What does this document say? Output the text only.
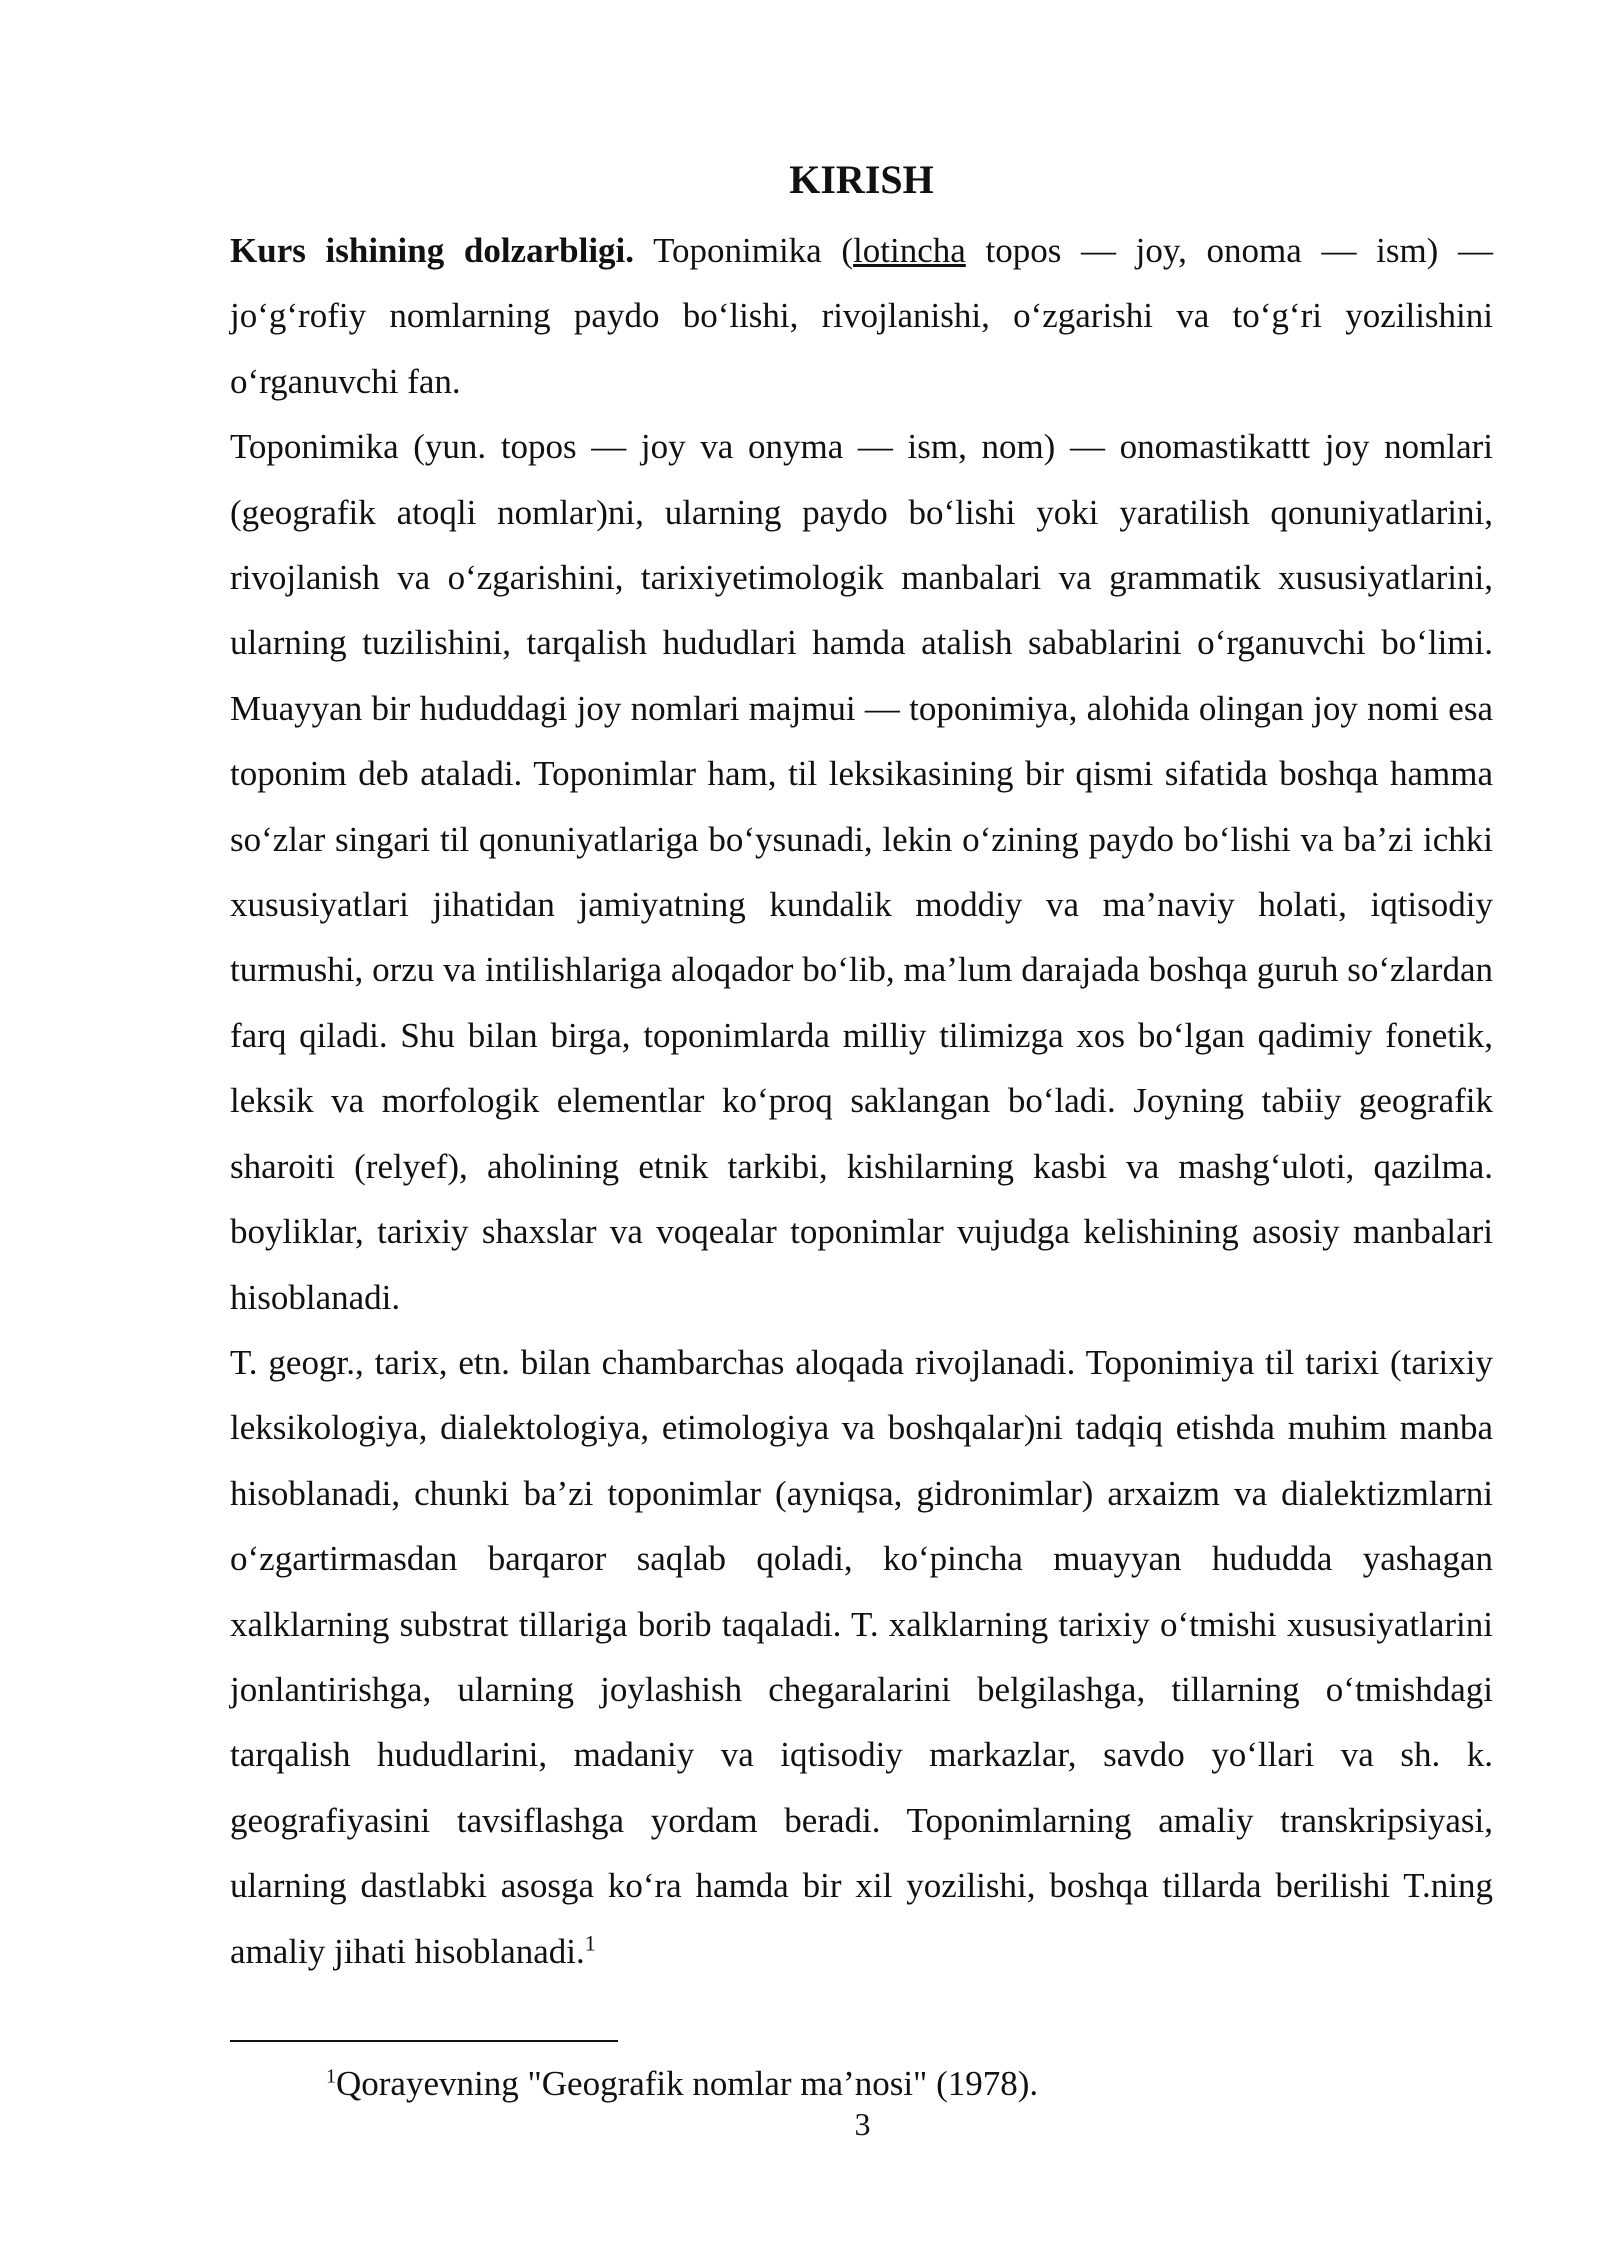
KIRISH

Kurs ishining dolzarbligi. Toponimika (lotincha topos — joy, onoma — ism) — jo‘g‘rofiy nomlarning paydo bo‘lishi, rivojlanishi, o‘zgarishi va to‘g‘ri yozilishini o‘rganuvchi fan.

Toponimika (yun. topos — joy va onyma — ism, nom) — onomastikattt joy nomlari (geografik atoqli nomlar)ni, ularning paydo bo‘lishi yoki yaratilish qonuniyatlarini, rivojlanish va o‘zgarishini, tarixiyetimologik manbalari va grammatik xususiyatlarini, ularning tuzilishini, tarqalish hududlari hamda atalish sabablarini o‘rganuvchi bo‘limi. Muayyan bir hududdagi joy nomlari majmui — toponimiya, alohida olingan joy nomi esa toponim deb ataladi. Toponimlar ham, til leksikasining bir qismi sifatida boshqa hamma so‘zlar singari til qonuniyatlariga bo‘ysunadi, lekin o‘zining paydo bo‘lishi va ba’zi ichki xususiyatlari jihatidan jamiyatning kundalik moddiy va ma’naviy holati, iqtisodiy turmushi, orzu va intilishlariga aloqador bo‘lib, ma’lum darajada boshqa guruh so‘zlardan farq qiladi. Shu bilan birga, toponimlarda milliy tilimizga xos bo‘lgan qadimiy fonetik, leksik va morfologik elementlar ko‘proq saklangan bo‘ladi. Joyning tabiiy geografik sharoiti (relyef), aholining etnik tarkibi, kishilarning kasbi va mashg‘uloti, qazilma. boyliklar, tarixiy shaxslar va voqealar toponimlar vujudga kelishining asosiy manbalari hisoblanadi.

T. geogr., tarix, etn. bilan chambarchas aloqada rivojlanadi. Toponimiya til tarixi (tarixiy leksikologiya, dialektologiya, etimologiya va boshqalar)ni tadqiq etishda muhim manba hisoblanadi, chunki ba’zi toponimlar (ayniqsa, gidronimlar) arxaizm va dialektizmlarni o‘zgartirmasdan barqaror saqlab qoladi, ko‘pincha muayyan hududda yashagan xalklarning substrat tillariga borib taqaladi. T. xalklarning tarixiy o‘tmishi xususiyatlarini jonlantirishga, ularning joylashish chegaralarini belgilashga, tillarning o‘tmishdagi tarqalish hududlarini, madaniy va iqtisodiy markazlar, savdo yo‘llari va sh. k. geografiyasini tavsiflashga yordam beradi. Toponimlarning amaliy transkripsiyasi, ularning dastlabki asosga ko‘ra hamda bir xil yozilishi, boshqa tillarda berilishi T.ning amaliy jihati hisoblanadi.$^1$

$^1$Qorayevning "Geografik nomlar ma’nosi" (1978).

3
